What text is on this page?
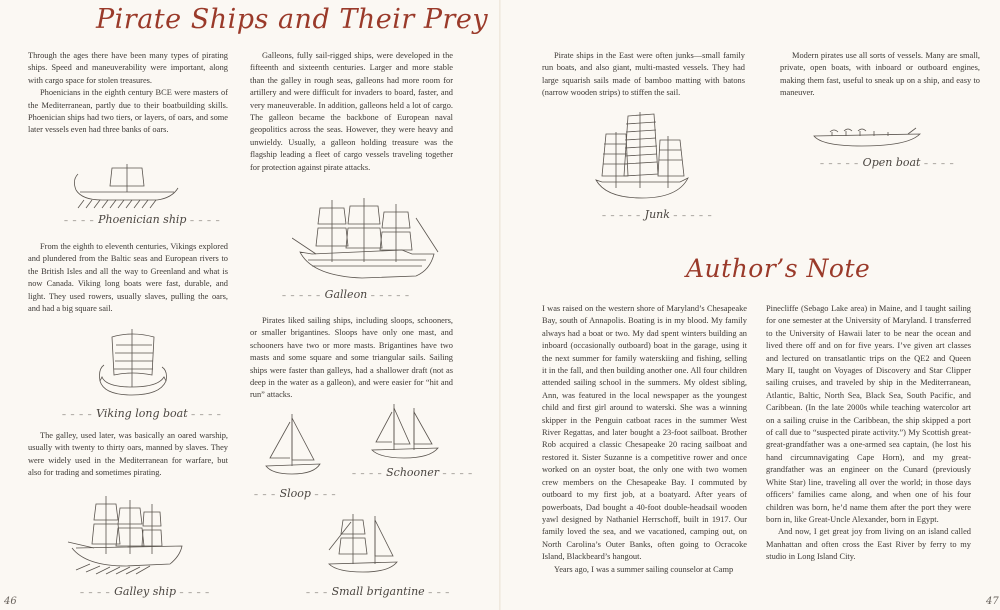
Pirate Ships and Their Prey

Through the ages there have been many types of pirating ships. Speed and maneuverability were important, along with cargo space for stolen treasures.

Phoenicians in the eighth century BCE were masters of the Mediterranean, partly due to their boatbuilding skills. Phoenician ships had two tiers, or layers, of oars, and some later vessels even had three banks of oars.

– – – – Phoenician ship – – – –

From the eighth to eleventh centuries, Vikings explored and plundered from the Baltic seas and European rivers to the British Isles and all the way to Greenland and what is now Canada. Viking long boats were fast, durable, and light. They used rowers, usually slaves, pulling the oars, and had a big square sail.

– – – – Viking long boat – – – –

The galley, used later, was basically an oared warship, usually with twenty to thirty oars, manned by slaves. They were widely used in the Mediterranean for warfare, but also for trading and sometimes pirating.

– – – – Galley ship – – – –

Galleons, fully sail-rigged ships, were developed in the fifteenth and sixteenth centuries. Larger and more stable than the galley in rough seas, galleons had more room for artillery and were difficult for invaders to board, faster, and very maneuverable. In addition, galleons held a lot of cargo. The galleon became the backbone of European naval geopolitics across the seas. However, they were heavy and unwieldy. Usually, a galleon holding treasure was the flagship leading a fleet of cargo vessels traveling together for protection against pirate attacks.

– – – – – Galleon – – – – –

Pirates liked sailing ships, including sloops, schooners, or smaller brigantines. Sloops have only one mast, and schooners have two or more masts. Brigantines have two masts and some square and some triangular sails. Sailing ships were faster than galleys, had a shallower draft (not as deep in the water as a galleon), and were easier for “hit and run” attacks.

– – – Sloop – – –
– – – – Schooner – – – –
– – – Small brigantine – – –
46

Pirate ships in the East were often junks—small family run boats, and also giant, multi-masted vessels. They had large squarish sails made of bamboo matting with batons (narrow wooden strips) to stiffen the sail.

– – – – – Junk – – – – –

Modern pirates use all sorts of vessels. Many are small, private, open boats, with inboard or outboard engines, making them fast, useful to sneak up on a ship, and easy to maneuver.

– – – – – Open boat – – – –
Author’s Note

I was raised on the western shore of Maryland’s Chesapeake Bay, south of Annapolis. Boating is in my blood. My family always had a boat or two. My dad spent winters building an inboard (occasionally outboard) boat in the garage, using it the next summer for family waterskiing and fishing, selling it in the fall, and then building another one. All four children attended sailing school in the summers. My oldest sibling, Ann, was featured in the local newspaper as the youngest child and first girl around to waterski. She was a winning skipper in the Penguin catboat races in the summer West River Regattas, and later bought a 23-foot sailboat. Brother Rob acquired a classic Chesapeake 20 racing sailboat and restored it. Sister Suzanne is a competitive rower and once worked on an oyster boat, the only one with two women crew members on the Chesapeake Bay. I commuted by outboard to my first job, at a boatyard. After years of powerboats, Dad bought a 40-foot double-headsail wooden yawl designed by Nathaniel Herrschoff, built in 1917. Our family loved the sea, and we vacationed, camping out, on North Carolina’s Outer Banks, often going to Ocracoke Island, Blackbeard’s hangout.

Years ago, I was a summer sailing counselor at Camp

Pinecliffe (Sebago Lake area) in Maine, and I taught sailing for one semester at the University of Maryland. I transferred to the University of Hawaii later to be near the ocean and lived there off and on for five years. I’ve given art classes and lectured on transatlantic trips on the QE2 and Queen Mary II, taught on Voyages of Discovery and Star Clipper sailing cruises, and traveled by ship in the Mediterranean, Atlantic, Baltic, North Sea, Black Sea, South Pacific, and Caribbean. (In the late 2000s while teaching watercolor art on a sailing cruise in the Caribbean, the ship skipped a port of call due to “suspected pirate activity.”) My Scottish great-great-grandfather was a one-armed sea captain, (he lost his hand circumnavigating Cape Horn), and my great-grandfather was an engineer on the Cunard (previously White Star) line, traveling all over the world; in those days officers’ families came along, and when one of his four children was born, he’d name them after the port they were born in, like Great-Uncle Alexander, born in Egypt.

And now, I get great joy from living on an island called Manhattan and often cross the East River by ferry to my studio in Long Island City.

47
